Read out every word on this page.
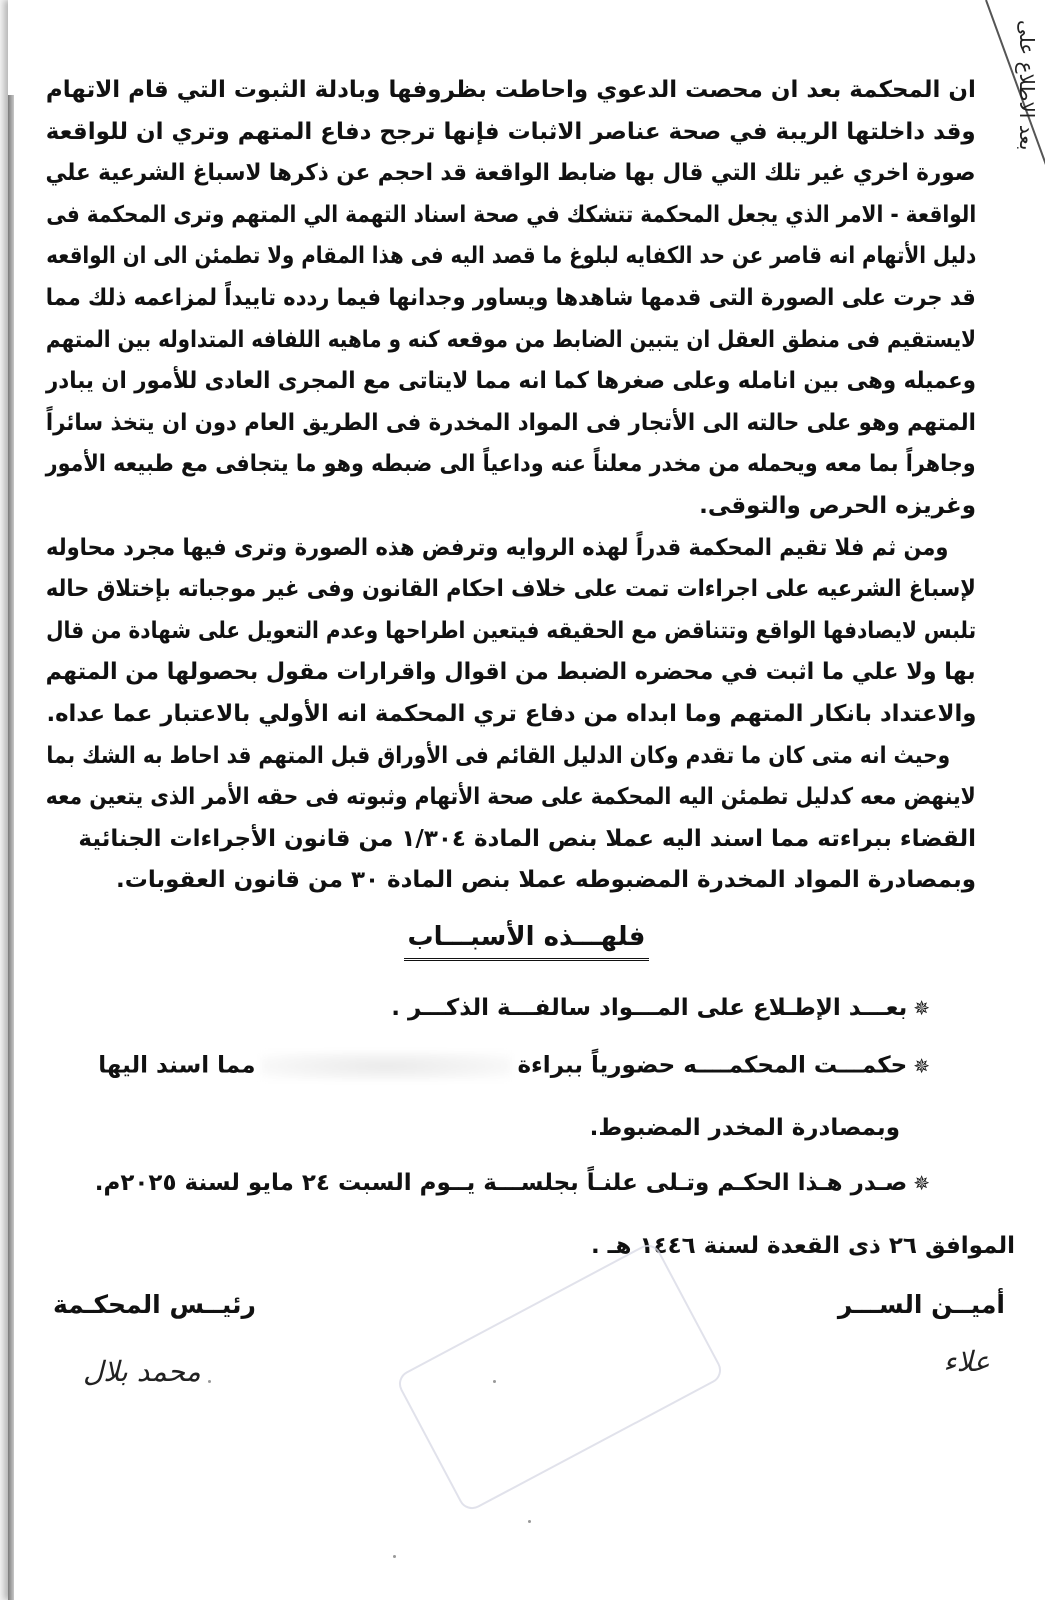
بعد الاطلاع على
ان المحكمة بعد ان محصت الدعوي واحاطت بظروفها وبادلة الثبوت التي قام الاتهام
وقد داخلتها الريبة في صحة عناصر الاثبات فإنها ترجح دفاع المتهم وتري ان للواقعة
صورة اخري غير تلك التي قال بها ضابط الواقعة قد احجم عن ذكرها لاسباغ الشرعية علي
الواقعة - الامر الذي يجعل المحكمة تتشكك في صحة اسناد التهمة الي المتهم وترى المحكمة فى
دليل الأتهام انه قاصر عن حد الكفايه لبلوغ ما قصد اليه فى هذا المقام ولا تطمئن الى ان الواقعه
قد جرت على الصورة التى قدمها شاهدها ويساور وجدانها فيما ردده تاييداً لمزاعمه ذلك مما
لايستقيم فى منطق العقل ان يتبين الضابط من موقعه كنه و ماهيه اللفافه المتداوله بين المتهم
وعميله وهى بين انامله وعلى صغرها كما انه مما لايتاتى مع المجرى العادى للأمور ان يبادر
المتهم وهو على حالته الى الأتجار فى المواد المخدرة فى الطريق العام دون ان يتخذ سائراً
وجاهراً بما معه ويحمله من مخدر معلناً عنه وداعياً الى ضبطه وهو ما يتجافى مع طبيعه الأمور
وغريزه الحرص والتوقى.
ومن ثم فلا تقيم المحكمة قدراً لهذه الروايه وترفض هذه الصورة وترى فيها مجرد محاوله
لإسباغ الشرعيه على اجراءات تمت على خلاف احكام القانون وفى غير موجباته بإختلاق حاله
تلبس لايصادفها الواقع وتتناقض مع الحقيقه فيتعين اطراحها وعدم التعويل على شهادة من قال
بها ولا علي ما اثبت في محضره الضبط من اقوال واقرارات مقول بحصولها من المتهم
والاعتداد بانكار المتهم وما ابداه من دفاع تري المحكمة انه الأولي بالاعتبار عما عداه.
وحيث انه متى كان ما تقدم وكان الدليل القائم فى الأوراق قبل المتهم قد احاط به الشك بما
لاينهض معه كدليل تطمئن اليه المحكمة على صحة الأتهام وثبوته فى حقه الأمر الذى يتعين معه
القضاء ببراءته مما اسند اليه عملا بنص المادة ١/٣٠٤ من قانون الأجراءات الجنائية
وبمصادرة المواد المخدرة المضبوطه عملا بنص المادة ٣٠ من قانون العقوبات.
فلهـــذه الأسبـــاب
✵بعـــد الإطـلاع على المـــواد سالفـــة الذكـــر .
✵حكمـــت المحكمــــه حضورياً ببراءةمما اسند اليها
وبمصادرة المخدر المضبوط.
✵صـدر هـذا الحكـم وتـلى علنـاً بجلســـة يــوم السبت ٢٤ مايو لسنة ٢٠٢٥م.
الموافق ٢٦ ذى القعدة لسنة ١٤٤٦ هـ .
أميــن الســـر
رئيــس المحكـمة
علاء
محمد بلال
